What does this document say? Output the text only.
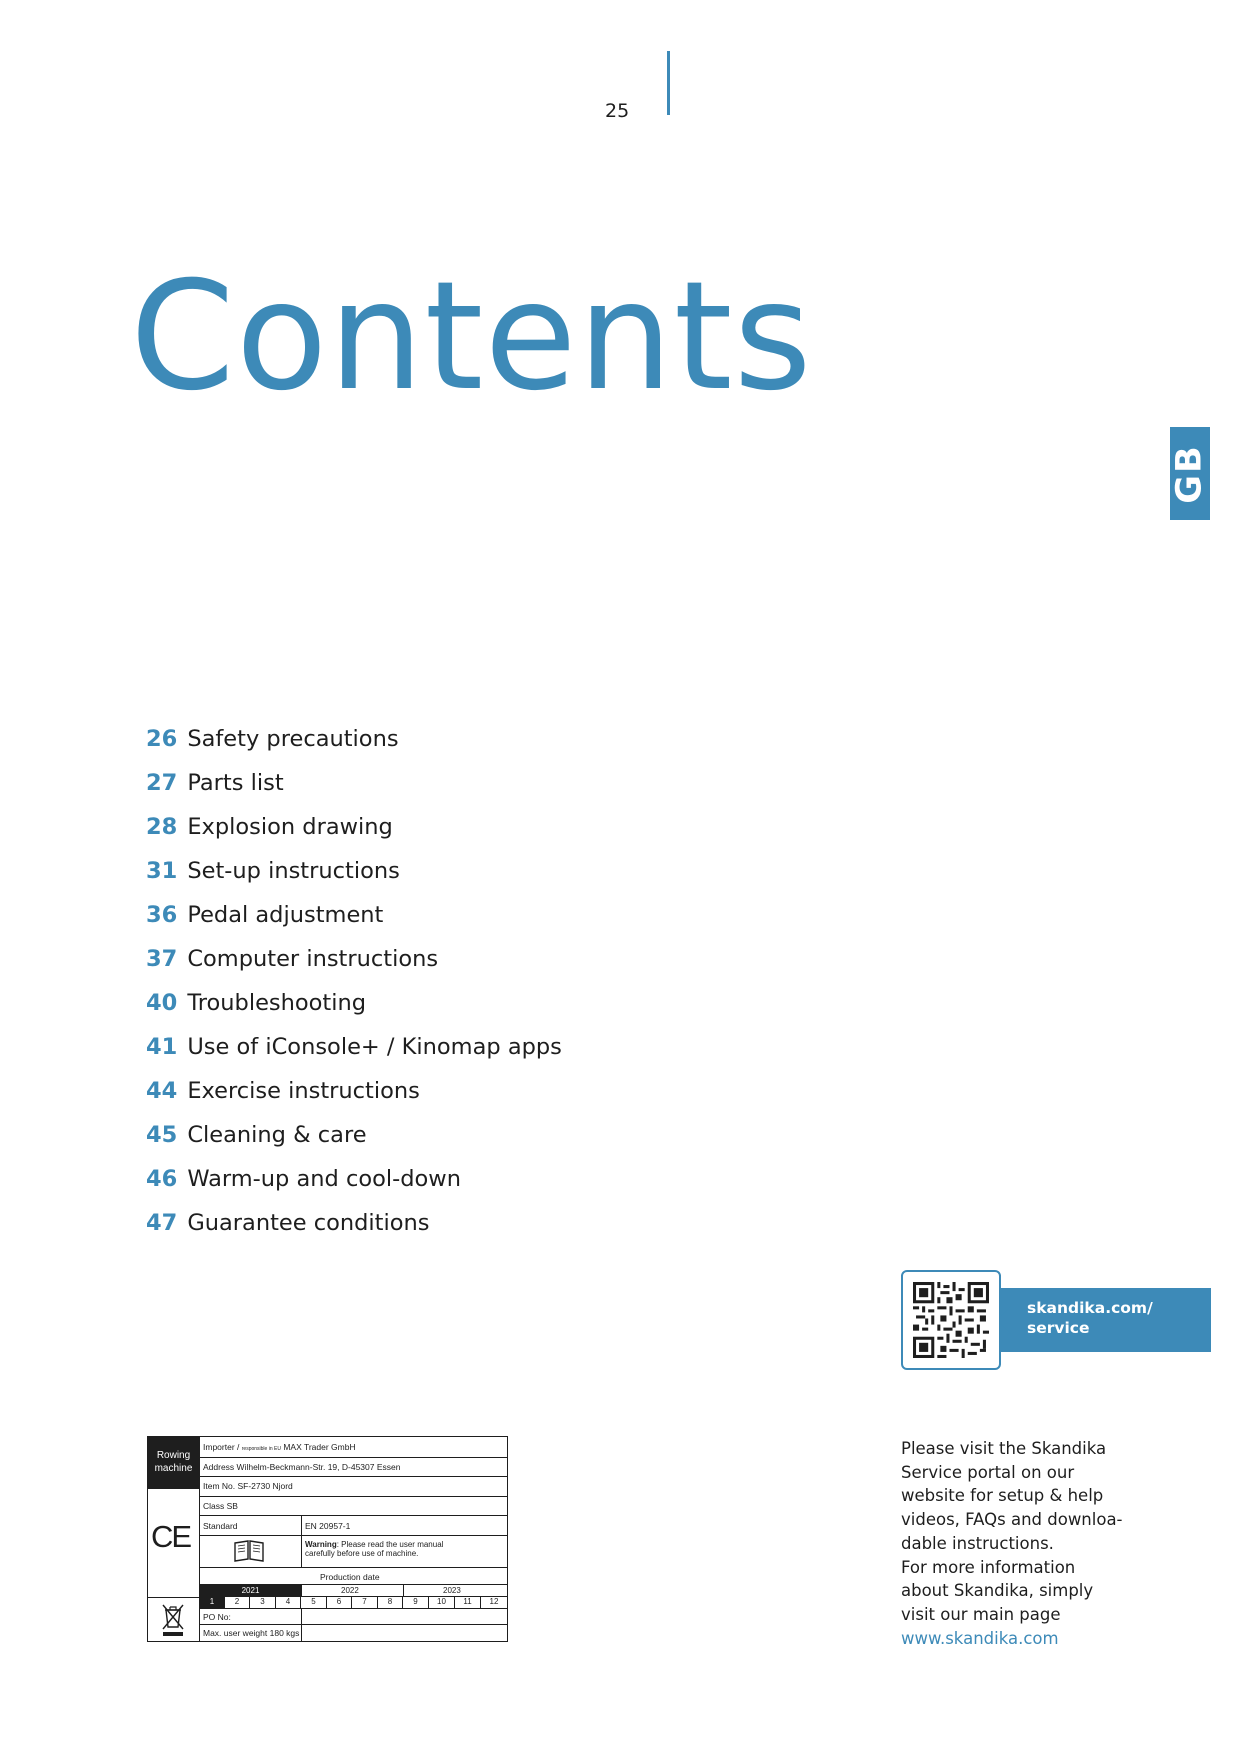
25
Contents
GB
26 Safety precautions
27 Parts list
28 Explosion drawing
31 Set-up instructions
36 Pedal adjustment
37 Computer instructions
40 Troubleshooting
41 Use of iConsole+ / Kinomap apps
44 Exercise instructions
45 Cleaning & care
46 Warm-up and cool-down
47 Guarantee conditions
skandika.com/
service
Please visit the Skandika
Service portal on our
website for setup & help
videos, FAQs and downloa-
dable instructions.
For more information
about Skandika, simply
visit our main page
www.skandika.com
Rowing
machine
Importer / responsible in EU MAX Trader GmbH
Address Wilhelm-Beckmann-Str. 19, D-45307 Essen
Item No. SF-2730 Njord
Class SB
Standard	EN 20957-1
CE	Warning: Please read the user manual
carefully before use of machine.
Production date
2021	2022	2023
1	2	3	4	5	6	7	8	9	10	11	12
PO No:
Max. user weight 180 kgs
